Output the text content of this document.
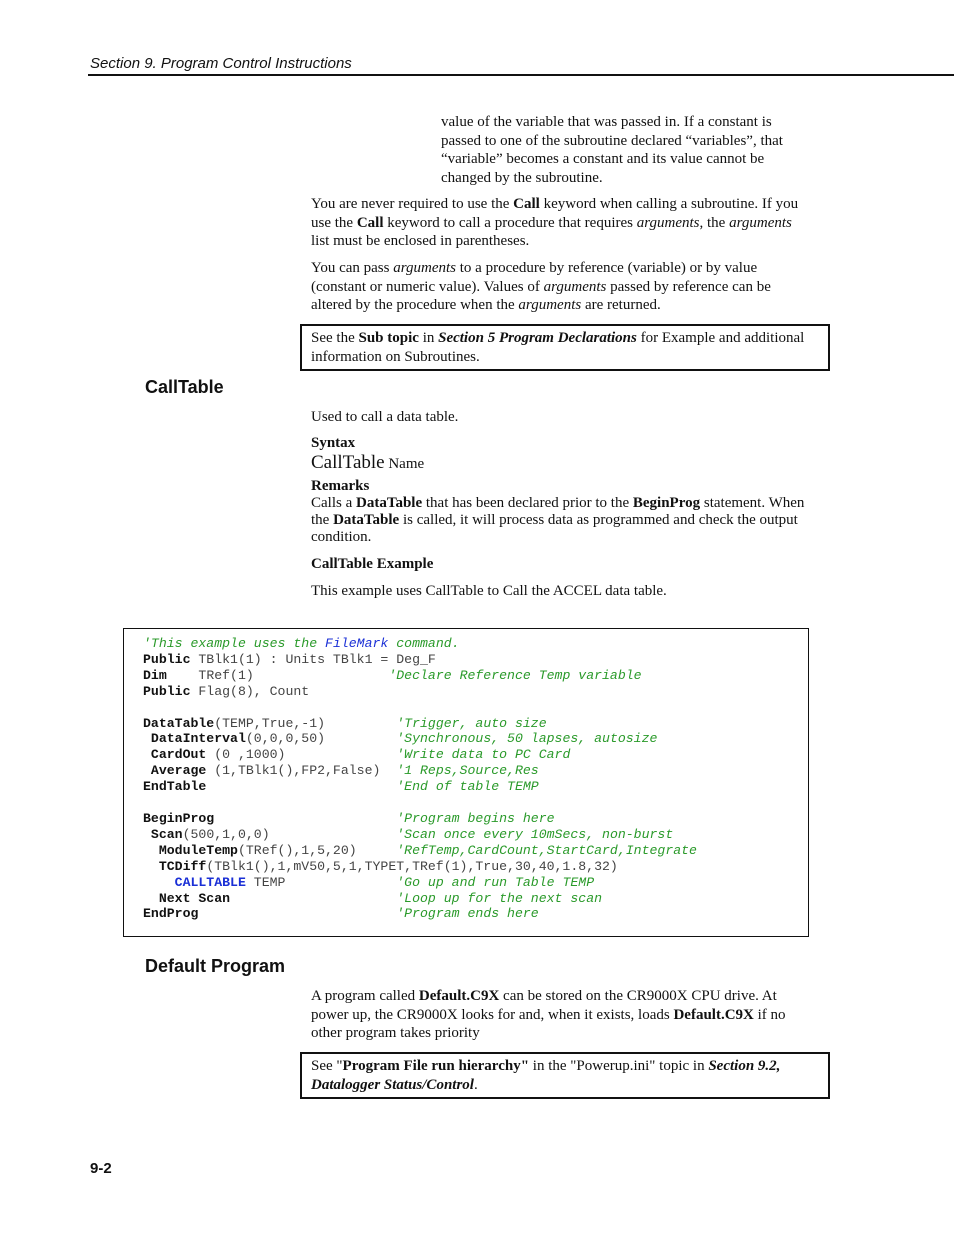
Section 9. Program Control Instructions
value of the variable that was passed in. If a constant is
passed to one of the subroutine declared “variables”, that
“variable” becomes a constant and its value cannot be
changed by the subroutine.
You are never required to use the Call keyword when calling a subroutine. If you use the Call keyword to call a procedure that requires arguments, the arguments list must be enclosed in parentheses.
You can pass arguments to a procedure by reference (variable) or by value (constant or numeric value). Values of arguments passed by reference can be altered by the procedure when the arguments are returned.
See the Sub topic in Section 5 Program Declarations for Example and additional information on Subroutines.
CallTable
Used to call a data table.
Syntax
CallTable Name
Remarks
Calls a DataTable that has been declared prior to the BeginProg statement. When the DataTable is called, it will process data as programmed and check the output condition.
CallTable Example
This example uses CallTable to Call the ACCEL data table.
'This example uses the FileMark command.
Public TBlk1(1) : Units TBlk1 = Deg_F
Dim    TRef(1)                 'Declare Reference Temp variable
Public Flag(8), Count

DataTable(TEMP,True,-1)         'Trigger, auto size
DataInterval(0,0,0,50)         'Synchronous, 50 lapses, autosize
CardOut (0 ,1000)              'Write data to PC Card
Average (1,TBlk1(),FP2,False)  '1 Reps,Source,Res
EndTable	'End of table TEMP

BeginProg	'Program begins here
Scan(500,1,0,0)                'Scan once every 10mSecs, non-burst
ModuleTemp(TRef(),1,5,20)     'RefTemp,CardCount,StartCard,Integrate
TCDiff(TBlk1(),1,mV50,5,1,TYPET,TRef(1),True,30,40,1.8,32)
CALLTABLE TEMP              'Go up and run Table TEMP
Next Scan	'Loop up for the next scan
EndProg	'Program ends here
Default Program
A program called Default.C9X can be stored on the CR9000X CPU drive. At power up, the CR9000X looks for and, when it exists, loads Default.C9X if no other program takes priority
See "Program File run hierarchy" in the "Powerup.ini" topic in Section 9.2, Datalogger Status/Control.
9-2
